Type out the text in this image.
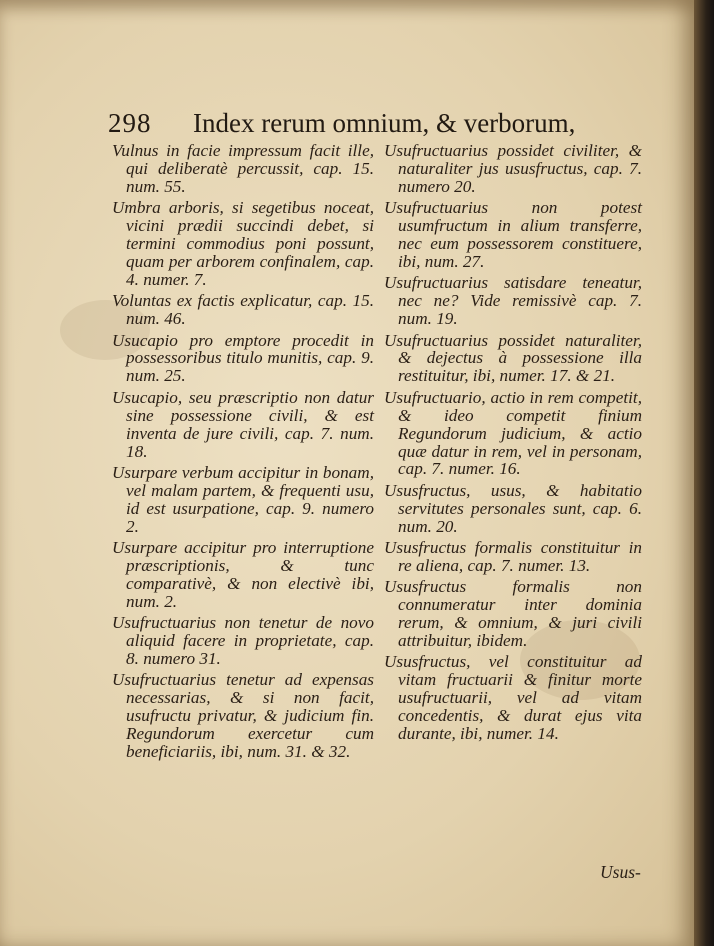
298	Index rerum omnium, & verborum,

Vulnus in facie impressum facit ille, qui deliberatè percussit, cap. 15. num. 55.

Umbra arboris, si segetibus noceat, vicini prædii succindi debet, si termini commodius poni possunt, quam per arborem confinalem, cap. 4. numer. 7.

Voluntas ex factis explicatur, cap. 15. num. 46.

Usucapio pro emptore procedit in possessoribus titulo munitis, cap. 9. num. 25.

Usucapio, seu præscriptio non datur sine possessione civili, & est inventa de jure civili, cap. 7. num. 18.

Usurpare verbum accipitur in bonam, vel malam partem, & frequenti usu, id est usurpatione, cap. 9. numero 2.

Usurpare accipitur pro interruptione præscriptionis, & tunc comparativè, & non electivè ibi, num. 2.

Usufructuarius non tenetur de novo aliquid facere in proprietate, cap. 8. numero 31.

Usufructuarius tenetur ad expensas necessarias, & si non facit, usufructu privatur, & judicium fin. Regundorum exercetur cum beneficiariis, ibi, num. 31. & 32.

Usufructuarius possidet civiliter, & naturaliter jus ususfructus, cap. 7. numero 20.

Usufructuarius non potest usumfructum in alium transferre, nec eum possessorem constituere, ibi, num. 27.

Usufructuarius satisdare teneatur, nec ne? Vide remissivè cap. 7. num. 19.

Usufructuarius possidet naturaliter, & dejectus à possessione illa restituitur, ibi, numer. 17. & 21.

Usufructuario, actio in rem competit, & ideo competit finium Regundorum judicium, & actio quæ datur in rem, vel in personam, cap. 7. numer. 16.

Ususfructus, usus, & habitatio servitutes personales sunt, cap. 6. num. 20.

Ususfructus formalis constituitur in re aliena, cap. 7. numer. 13.

Ususfructus formalis non connumeratur inter dominia rerum, & omnium, & juri civili attribuitur, ibidem.

Ususfructus, vel constituitur ad vitam fructuarii & finitur morte usufructuarii, vel ad vitam concedentis, & durat ejus vita durante, ibi, numer. 14.

Usus-
